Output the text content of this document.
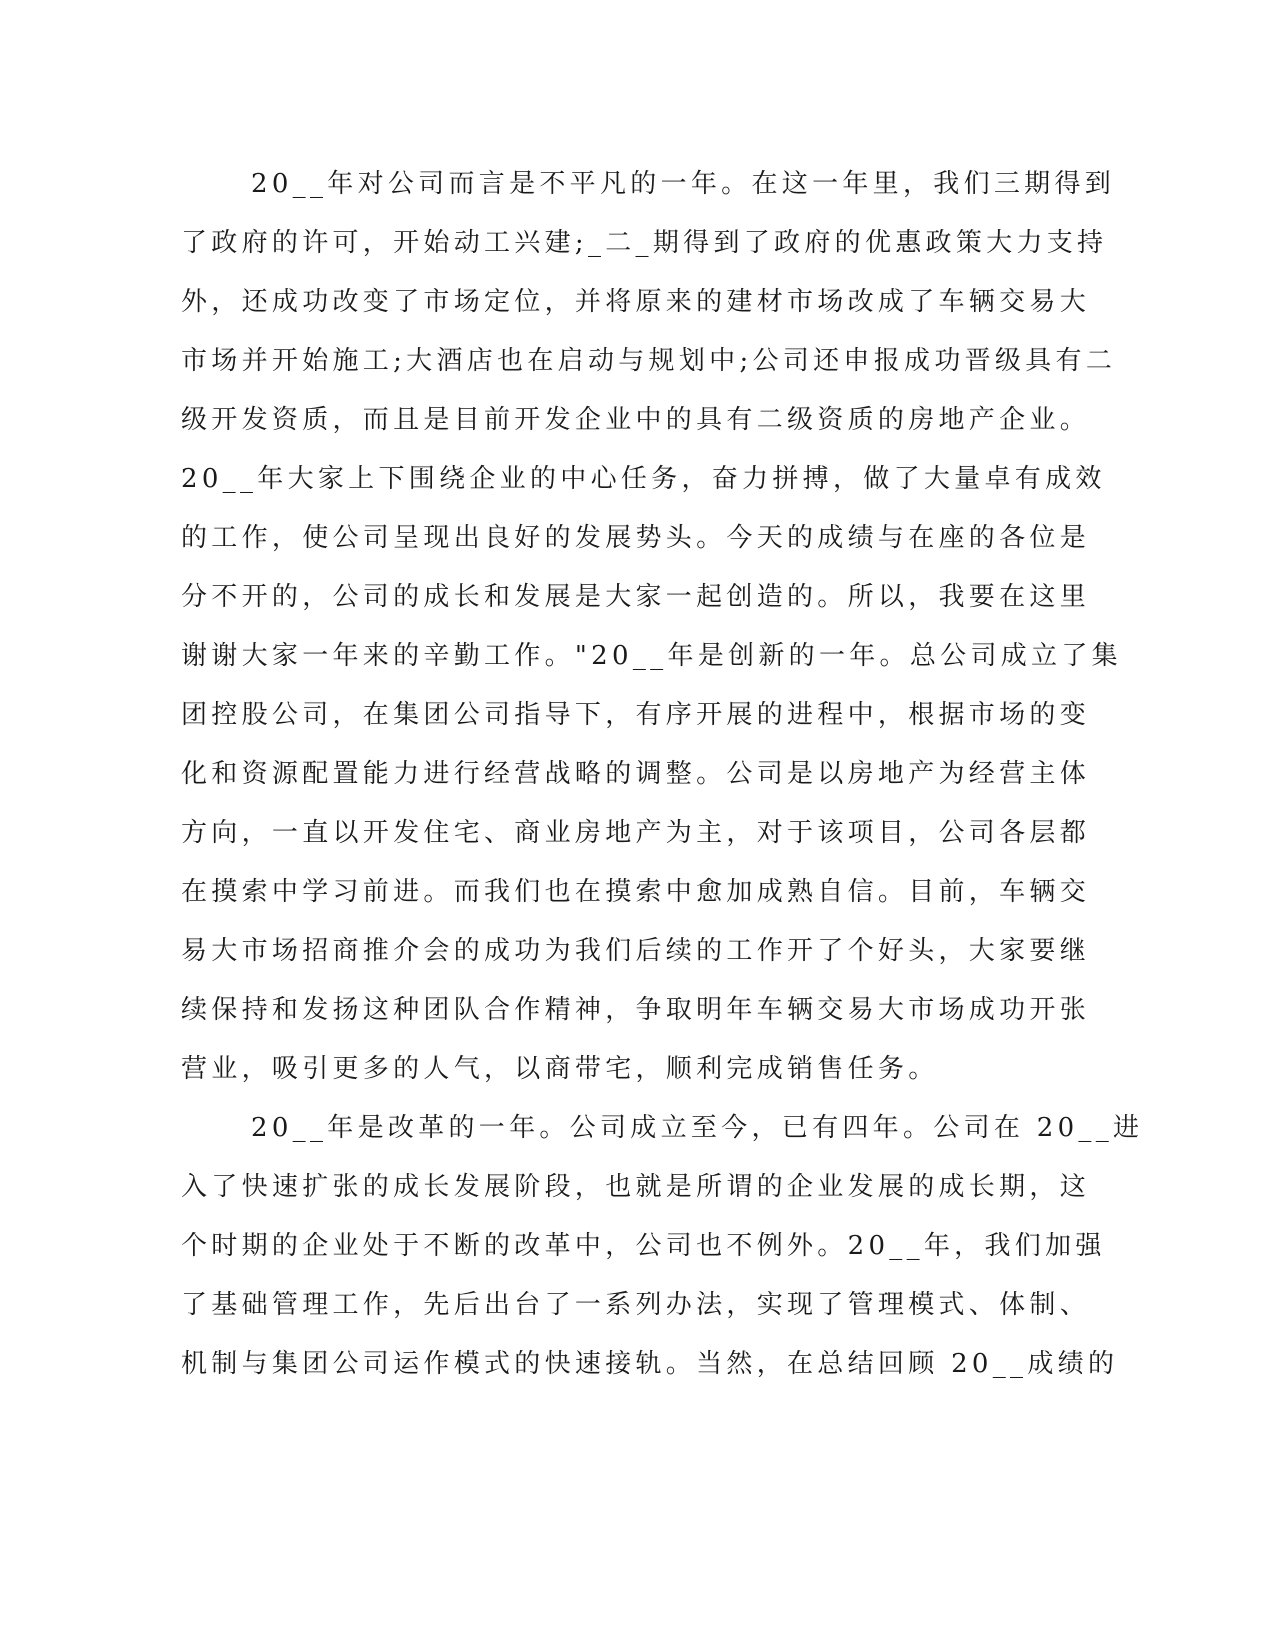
20__年对公司而言是不平凡的一年。在这一年里，我们三期得到
了政府的许可，开始动工兴建;_二_期得到了政府的优惠政策大力支持
外，还成功改变了市场定位，并将原来的建材市场改成了车辆交易大
市场并开始施工;大酒店也在启动与规划中;公司还申报成功晋级具有二
级开发资质，而且是目前开发企业中的具有二级资质的房地产企业。
20__年大家上下围绕企业的中心任务，奋力拼搏，做了大量卓有成效
的工作，使公司呈现出良好的发展势头。今天的成绩与在座的各位是
分不开的，公司的成长和发展是大家一起创造的。所以，我要在这里
谢谢大家一年来的辛勤工作。"20__年是创新的一年。总公司成立了集
团控股公司，在集团公司指导下，有序开展的进程中，根据市场的变
化和资源配置能力进行经营战略的调整。公司是以房地产为经营主体
方向，一直以开发住宅、商业房地产为主，对于该项目，公司各层都
在摸索中学习前进。而我们也在摸索中愈加成熟自信。目前，车辆交
易大市场招商推介会的成功为我们后续的工作开了个好头，大家要继
续保持和发扬这种团队合作精神，争取明年车辆交易大市场成功开张
营业，吸引更多的人气，以商带宅，顺利完成销售任务。
20__年是改革的一年。公司成立至今，已有四年。公司在 20__进
入了快速扩张的成长发展阶段，也就是所谓的企业发展的成长期，这
个时期的企业处于不断的改革中，公司也不例外。20__年，我们加强
了基础管理工作，先后出台了一系列办法，实现了管理模式、体制、
机制与集团公司运作模式的快速接轨。当然，在总结回顾 20__成绩的
